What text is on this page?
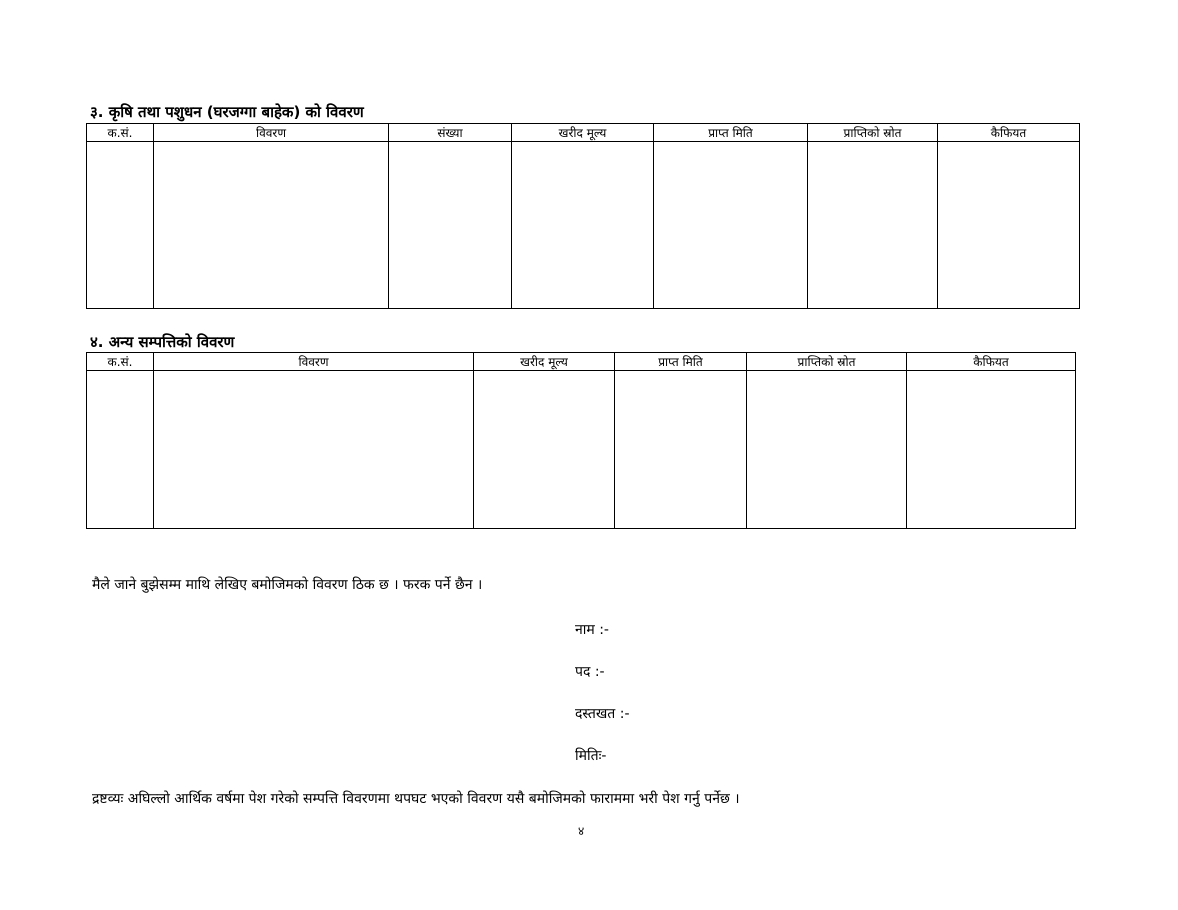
३. कृषि तथा पशुधन (घरजग्गा बाहेक) को विवरण
क.सं.	विवरण	संख्या	खरीद मूल्य	प्राप्त मिति	प्राप्तिको स्रोत	कैफियत

४. अन्य सम्पत्तिको विवरण
क.सं.	विवरण	खरीद मूल्य	प्राप्त मिति	प्राप्तिको स्रोत	कैफियत

मैले जाने बुझेसम्म माथि लेखिए बमोजिमको विवरण ठिक छ । फरक पर्ने छैन ।
नाम :-
पद :-
दस्तखत :-
मितिः-
द्रष्टव्यः अघिल्लो आर्थिक वर्षमा पेश गरेको सम्पत्ति विवरणमा थपघट भएको विवरण यसै बमोजिमको फाराममा भरी पेश गर्नु पर्नेछ ।
४
